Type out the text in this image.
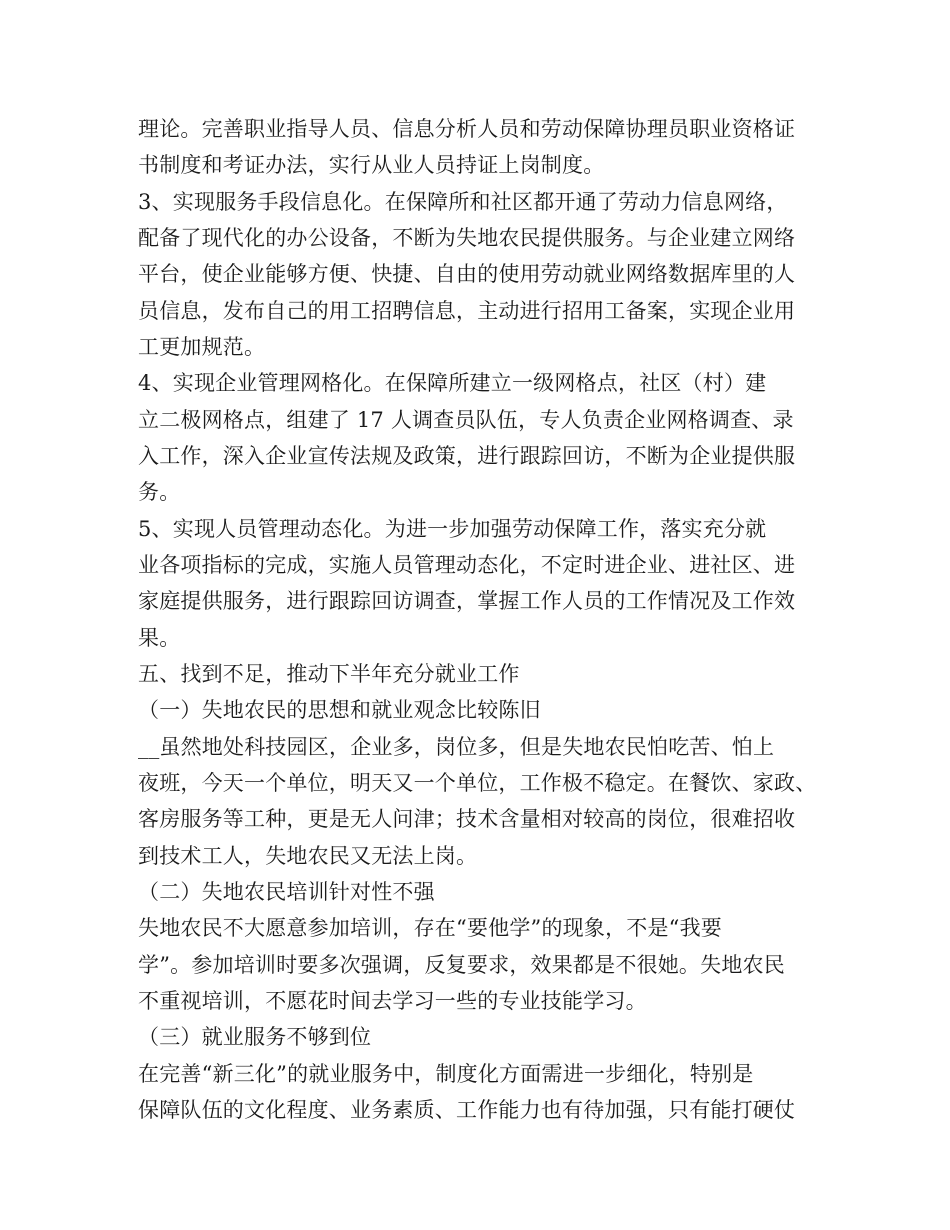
理论。完善职业指导人员、信息分析人员和劳动保障协理员职业资格证
书制度和考证办法，实行从业人员持证上岗制度。
3、实现服务手段信息化。在保障所和社区都开通了劳动力信息网络，
配备了现代化的办公设备，不断为失地农民提供服务。与企业建立网络
平台，使企业能够方便、快捷、自由的使用劳动就业网络数据库里的人
员信息，发布自己的用工招聘信息，主动进行招用工备案，实现企业用
工更加规范。
4、实现企业管理网格化。在保障所建立一级网格点，社区（村）建
立二极网格点，组建了 17 人调查员队伍，专人负责企业网格调查、录
入工作，深入企业宣传法规及政策，进行跟踪回访，不断为企业提供服
务。
5、实现人员管理动态化。为进一步加强劳动保障工作，落实充分就
业各项指标的完成，实施人员管理动态化，不定时进企业、进社区、进
家庭提供服务，进行跟踪回访调查，掌握工作人员的工作情况及工作效
果。
五、找到不足，推动下半年充分就业工作
（一）失地农民的思想和就业观念比较陈旧
__虽然地处科技园区，企业多，岗位多，但是失地农民怕吃苦、怕上
夜班，今天一个单位，明天又一个单位，工作极不稳定。在餐饮、家政、
客房服务等工种，更是无人问津；技术含量相对较高的岗位，很难招收
到技术工人，失地农民又无法上岗。
（二）失地农民培训针对性不强
失地农民不大愿意参加培训，存在“要他学”的现象，不是“我要
学”。参加培训时要多次强调，反复要求，效果都是不很她。失地农民
不重视培训，不愿花时间去学习一些的专业技能学习。
（三）就业服务不够到位
在完善“新三化”的就业服务中，制度化方面需进一步细化，特别是
保障队伍的文化程度、业务素质、工作能力也有待加强，只有能打硬仗
